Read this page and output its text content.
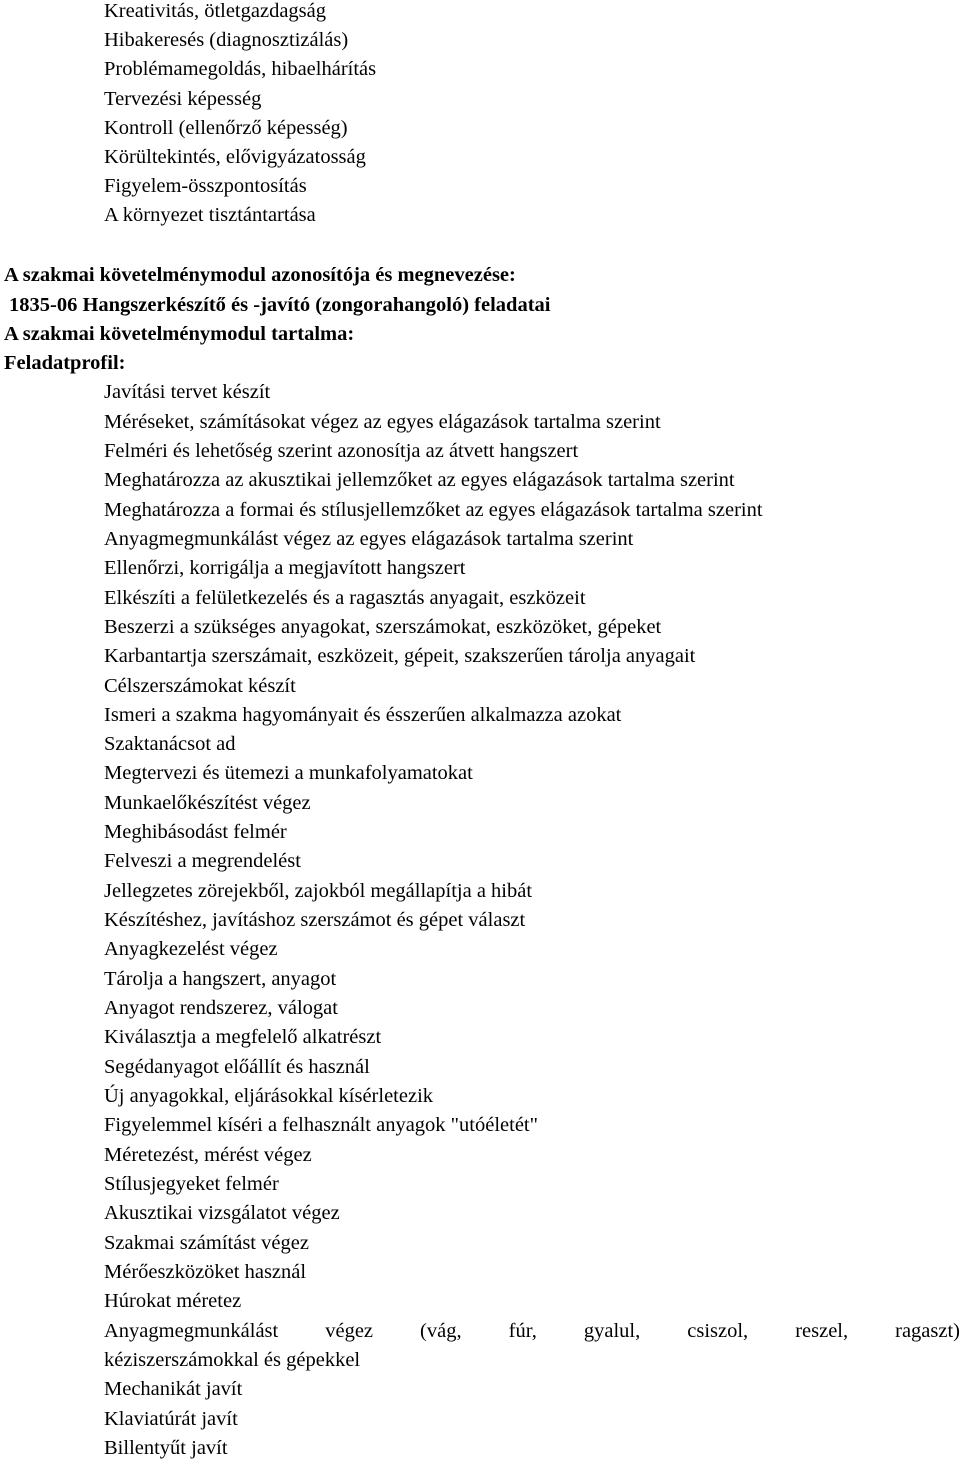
Kreativitás, ötletgazdagság
Hibakeresés (diagnosztizálás)
Problémamegoldás, hibaelhárítás
Tervezési képesség
Kontroll (ellenőrző képesség)
Körültekintés, elővigyázatosság
Figyelem-összpontosítás
A környezet tisztántartása
A szakmai követelménymodul azonosítója és megnevezése:
1835-06 Hangszerkészítő és -javító (zongorahangoló) feladatai
A szakmai követelménymodul tartalma:
Feladatprofil:
Javítási tervet készít
Méréseket, számításokat végez az egyes elágazások tartalma szerint
Felméri és lehetőség szerint azonosítja az átvett hangszert
Meghatározza az akusztikai jellemzőket az egyes elágazások tartalma szerint
Meghatározza a formai és stílusjellemzőket az egyes elágazások tartalma szerint
Anyagmegmunkálást végez az egyes elágazások tartalma szerint
Ellenőrzi, korrigálja a megjavított hangszert
Elkészíti a felületkezelés és a ragasztás anyagait, eszközeit
Beszerzi a szükséges anyagokat, szerszámokat, eszközöket, gépeket
Karbantartja szerszámait, eszközeit, gépeit, szakszerűen tárolja anyagait
Célszerszámokat készít
Ismeri a szakma hagyományait és ésszerűen alkalmazza azokat
Szaktanácsot ad
Megtervezi és ütemezi a munkafolyamatokat
Munkaelőkészítést végez
Meghibásodást felmér
Felveszi a megrendelést
Jellegzetes zörejekből, zajokból megállapítja a hibát
Készítéshez, javításhoz szerszámot és gépet választ
Anyagkezelést végez
Tárolja a hangszert, anyagot
Anyagot rendszerez, válogat
Kiválasztja a megfelelő alkatrészt
Segédanyagot előállít és használ
Új anyagokkal, eljárásokkal kísérletezik
Figyelemmel kíséri a felhasznált anyagok "utóéletét"
Méretezést, mérést végez
Stílusjegyeket felmér
Akusztikai vizsgálatot végez
Szakmai számítást végez
Mérőeszközöket használ
Húrokat méretez
Anyagmegmunkálást végez (vág, fúr, gyalul, csiszol, reszel, ragaszt)
kéziszerszámokkal és gépekkel
Mechanikát javít
Klaviatúrát javít
Billentyűt javít
